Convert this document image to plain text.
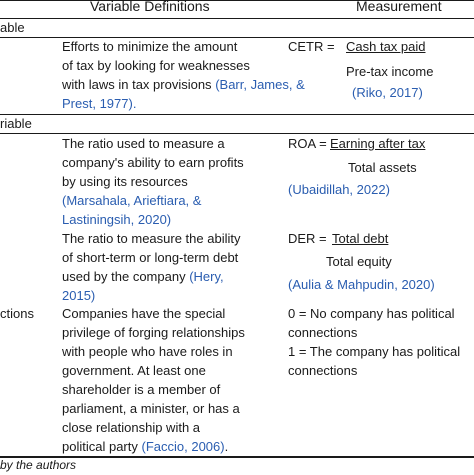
Variable Definitions	Measurement
able
Efforts to minimize the amount
of tax by looking for weaknesses
with laws in tax provisions (Barr, James, &
Prest, 1977).
CETR = Cash tax paid
Pre-tax income
(Riko, 2017)
riable
The ratio used to measure a
company's ability to earn profits
by using its resources
(Marsahala, Arieftiara, &
Lastiningsih, 2020)
ROA = Earning after tax
Total assets
(Ubaidillah, 2022)
The ratio to measure the ability
of short-term or long-term debt
used by the company (Hery,
2015)
DER = Total debt
Total equity
(Aulia & Mahpudin, 2020)
ctions Companies have the special
privilege of forging relationships
with people who have roles in
government. At least one
shareholder is a member of
parliament, a minister, or has a
close relationship with a
political party (Faccio, 2006).
0 = No company has political
connections
1 = The company has political
connections
by the authors
